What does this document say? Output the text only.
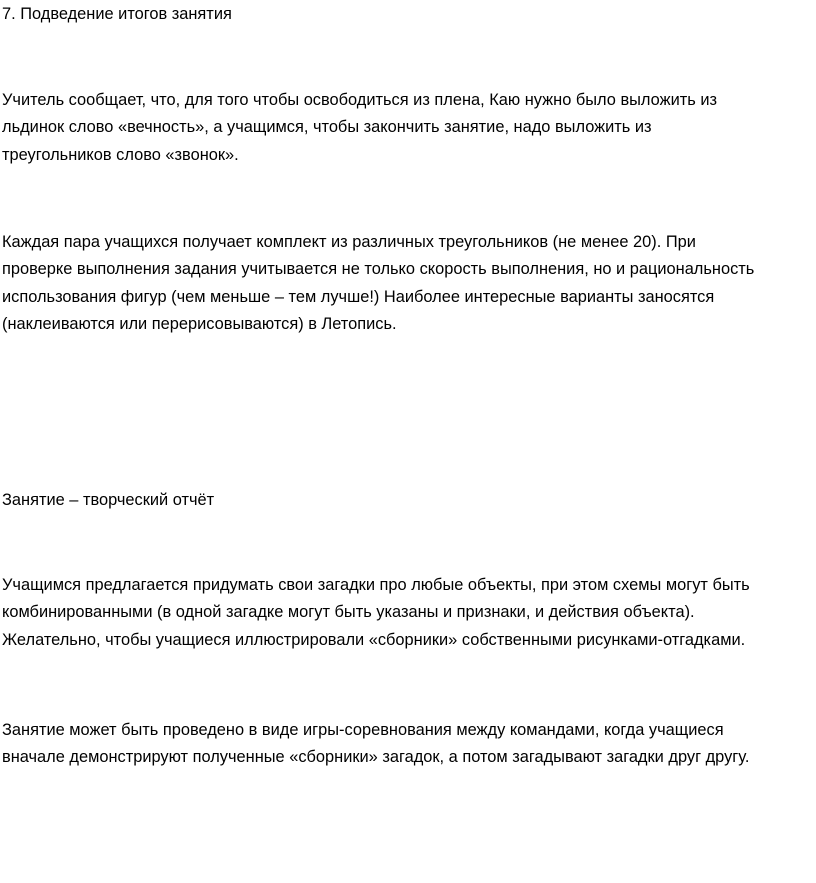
7. Подведение итогов занятия

Учитель сообщает, что, для того чтобы освободиться из плена, Каю нужно было выложить из
льдинок слово «вечность», а учащимся, чтобы закончить занятие, надо выложить из
треугольников слово «звонок».

Каждая пара учащихся получает комплект из различных треугольников (не менее 20). При
проверке выполнения задания учитывается не только скорость выполнения, но и рациональность
использования фигур (чем меньше – тем лучше!) Наиболее интересные варианты заносятся
(наклеиваются или перерисовываются) в Летопись.

Занятие – творческий отчёт

Учащимся предлагается придумать свои загадки про любые объекты, при этом схемы могут быть
комбинированными (в одной загадке могут быть указаны и признаки, и действия объекта).
Желательно, чтобы учащиеся иллюстрировали «сборники» собственными рисунками-отгадками.

Занятие может быть проведено в виде игры-соревнования между командами, когда учащиеся
вначале демонстрируют полученные «сборники» загадок, а потом загадывают загадки друг другу.
